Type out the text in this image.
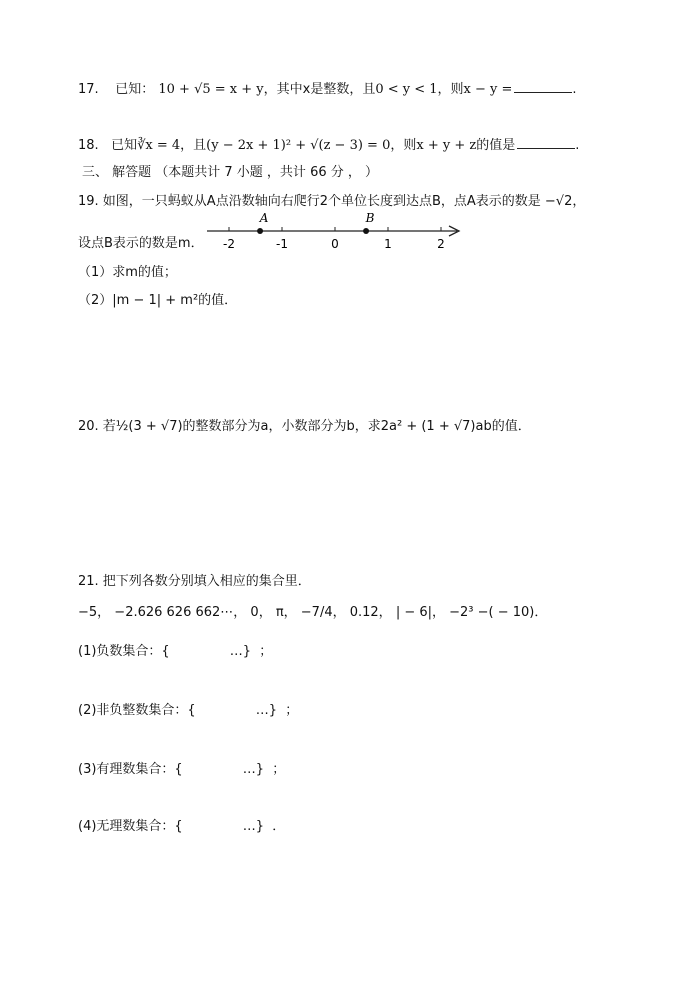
17. 已知： 10 + √5 = x + y，其中x是整数，且0 < y < 1，则x − y =	.
18. 已知∛x = 4，且(y − 2x + 1)² + √(z − 3) = 0，则x + y + z的值是	.
三、 解答题 （本题共计 7 小题 ，共计 66 分 ， ）
19. 如图，一只蚂蚁从A点沿数轴向右爬行2个单位长度到达点B，点A表示的数是 −√2，
设点B表示的数是m． -2	-1	0	1	2
A	B
（1）求m的值；
（2）|m − 1| + m²的值．
20. 若½(3 + √7)的整数部分为a，小数部分为b，求2a² + (1 + √7)ab的值．
21. 把下列各数分别填入相应的集合里．
−5， −2.626 626 662⋯， 0， π， −7/4， 0.12， | − 6|， −2³ −( − 10)．
(1)负数集合：{	…}  ；
(2)非负整数集合：{	…}  ；
(3)有理数集合：{	…}  ；
(4)无理数集合：{	…}  ．
